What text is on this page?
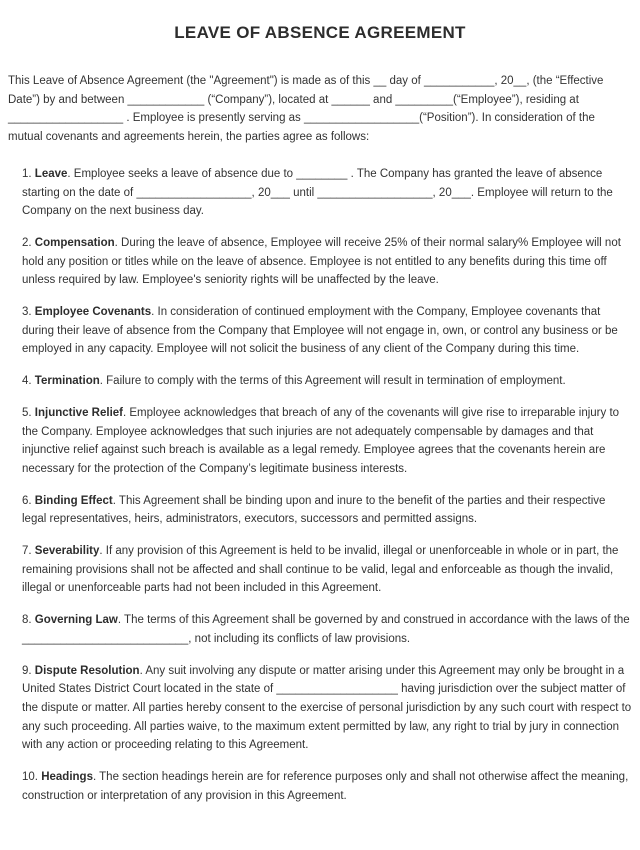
LEAVE OF ABSENCE AGREEMENT

This Leave of Absence Agreement (the "Agreement") is made as of this __ day of ___________, 20__, (the “Effective Date”) by and between ____________ (“Company”), located at ______ and _________(“Employee”), residing at __________________ . Employee is presently serving as __________________(“Position”). In consideration of the mutual covenants and agreements herein, the parties agree as follows:

1. Leave. Employee seeks a leave of absence due to ________ . The Company has granted the leave of absence starting on the date of __________________, 20___ until __________________, 20___. Employee will return to the Company on the next business day.

2. Compensation. During the leave of absence, Employee will receive 25% of their normal salary% Employee will not hold any position or titles while on the leave of absence. Employee is not entitled to any benefits during this time off unless required by law. Employee's seniority rights will be unaffected by the leave.

3. Employee Covenants. In consideration of continued employment with the Company, Employee covenants that during their leave of absence from the Company that Employee will not engage in, own, or control any business or be employed in any capacity. Employee will not solicit the business of any client of the Company during this time.

4. Termination. Failure to comply with the terms of this Agreement will result in termination of employment.

5. Injunctive Relief. Employee acknowledges that breach of any of the covenants will give rise to irreparable injury to the Company. Employee acknowledges that such injuries are not adequately compensable by damages and that injunctive relief against such breach is available as a legal remedy. Employee agrees that the covenants herein are necessary for the protection of the Company’s legitimate business interests.

6. Binding Effect. This Agreement shall be binding upon and inure to the benefit of the parties and their respective legal representatives, heirs, administrators, executors, successors and permitted assigns.

7. Severability. If any provision of this Agreement is held to be invalid, illegal or unenforceable in whole or in part, the remaining provisions shall not be affected and shall continue to be valid, legal and enforceable as though the invalid, illegal or unenforceable parts had not been included in this Agreement.

8. Governing Law. The terms of this Agreement shall be governed by and construed in accordance with the laws of the __________________________, not including its conflicts of law provisions.

9. Dispute Resolution. Any suit involving any dispute or matter arising under this Agreement may only be brought in a United States District Court located in the state of ___________________ having jurisdiction over the subject matter of the dispute or matter. All parties hereby consent to the exercise of personal jurisdiction by any such court with respect to any such proceeding. All parties waive, to the maximum extent permitted by law, any right to trial by jury in connection with any action or proceeding relating to this Agreement.

10. Headings. The section headings herein are for reference purposes only and shall not otherwise affect the meaning, construction or interpretation of any provision in this Agreement.
